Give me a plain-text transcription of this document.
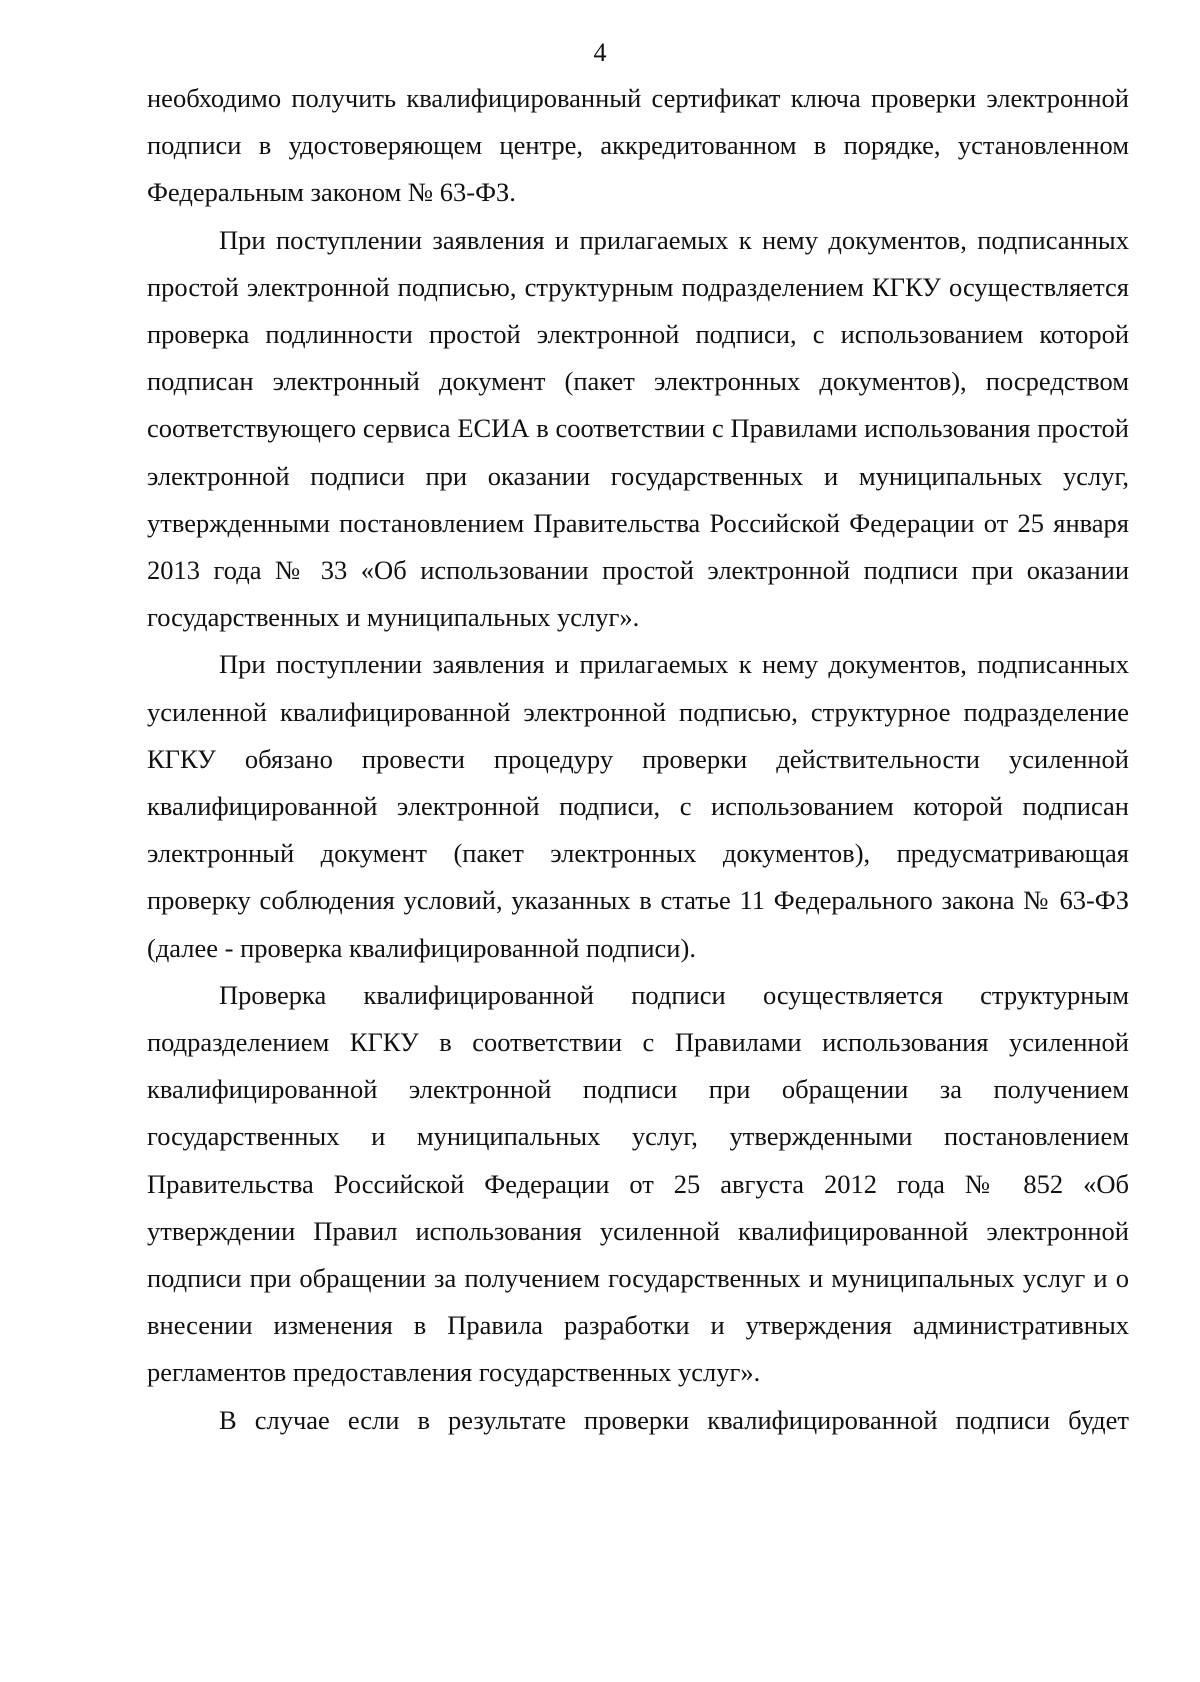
4

необходимо получить квалифицированный сертификат ключа проверки электронной подписи в удостоверяющем центре, аккредитованном в порядке, установленном Федеральным законом № 63-ФЗ.

При поступлении заявления и прилагаемых к нему документов, подписанных простой электронной подписью, структурным подразделением КГКУ осуществляется проверка подлинности простой электронной подписи, с использованием которой подписан электронный документ (пакет электронных документов), посредством соответствующего сервиса ЕСИА в соответствии с Правилами использования простой электронной подписи при оказании государственных и муниципальных услуг, утвержденными постановлением Правительства Российской Федерации от 25 января 2013 года № 33 «Об использовании простой электронной подписи при оказании государственных и муниципальных услуг».

При поступлении заявления и прилагаемых к нему документов, подписанных усиленной квалифицированной электронной подписью, структурное подразделение КГКУ обязано провести процедуру проверки действительности усиленной квалифицированной электронной подписи, с использованием которой подписан электронный документ (пакет электронных документов), предусматривающая проверку соблюдения условий, указанных в статье 11 Федерального закона № 63-ФЗ (далее - проверка квалифицированной подписи).

Проверка квалифицированной подписи осуществляется структурным подразделением КГКУ в соответствии с Правилами использования усиленной квалифицированной электронной подписи при обращении за получением государственных и муниципальных услуг, утвержденными постановлением Правительства Российской Федерации от 25 августа 2012 года № 852 «Об утверждении Правил использования усиленной квалифицированной электронной подписи при обращении за получением государственных и муниципальных услуг и о внесении изменения в Правила разработки и утверждения административных регламентов предоставления государственных услуг».

В случае если в результате проверки квалифицированной подписи будет
